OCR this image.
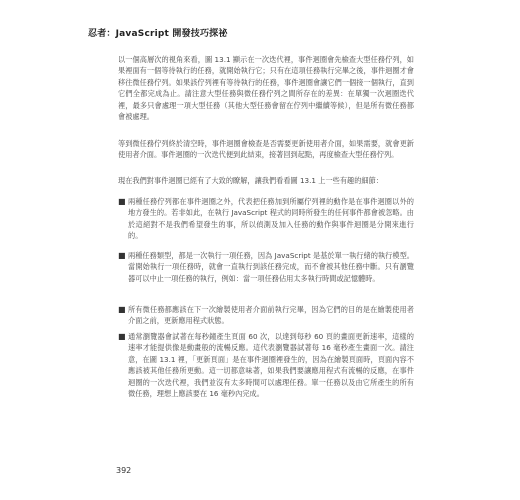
忍者：JavaScript 開發技巧探祕
以一個高層次的視角來看，圖 13.1 顯示在一次迭代裡，事件迴圈會先檢查大型任務佇列，如果裡面有一個等待執行的任務，就開始執行它；只有在這項任務執行完畢之後，事件迴圈才會移往微任務佇列。如果該佇列裡有等待執行的任務，事件迴圈會讓它們一個接一個執行，直到它們全都完成為止。請注意大型任務與微任務佇列之間所存在的差異：在單獨一次迴圈迭代裡，最多只會處理一項大型任務（其他大型任務會留在佇列中繼續等候），但是所有微任務都會被處理。
等到微任務佇列終於清空時，事件迴圈會檢查是否需要更新使用者介面，如果需要，就會更新使用者介面。事件迴圈的一次迭代便到此結束，接著回到起點，再度檢查大型任務佇列。
現在我們對事件迴圈已經有了大致的瞭解，讓我們看看圖 13.1 上一些有趣的細節：
■ 兩種任務佇列都在事件迴圈之外，代表把任務加到所屬佇列裡的動作是在事件迴圈以外的地方發生的。若非如此，在執行 JavaScript 程式的同時所發生的任何事件都會被忽略。由於這絕對不是我們希望發生的事，所以偵測及加入任務的動作與事件迴圈是分開來進行的。
■ 兩種任務類型，都是一次執行一項任務，因為 JavaScript 是基於單一執行緒的執行模型。當開始執行一項任務時，就會一直執行到該任務完成，而不會被其他任務中斷。只有瀏覽器可以中止一項任務的執行，例如：當一項任務佔用太多執行時間或記憶體時。
■ 所有微任務都應該在下一次繪製使用者介面前執行完畢，因為它們的目的是在繪製使用者介面之前，更新應用程式狀態。
■ 通常瀏覽器會試著在每秒鐘產生頁面 60 次，以達到每秒 60 頁的畫面更新速率，這樣的速率才能提供像是動畫般的流暢反應。這代表瀏覽器試著每 16 毫秒產生畫面一次。請注意，在圖 13.1 裡，「更新頁面」是在事件迴圈裡發生的，因為在繪製頁面時，頁面內容不應該被其他任務所更動。這一切都意味著，如果我們要讓應用程式有流暢的反應，在事件迴圈的一次迭代裡，我們並沒有太多時間可以處理任務。單一任務以及由它所產生的所有微任務，理想上應該要在 16 毫秒內完成。
392
